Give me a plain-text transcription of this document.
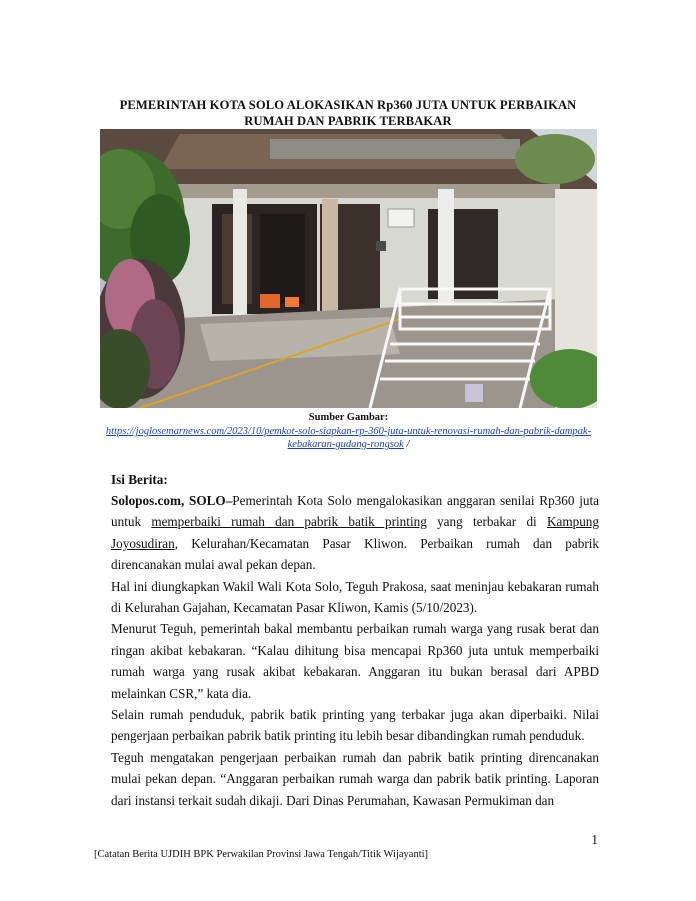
PEMERINTAH KOTA SOLO ALOKASIKAN Rp360 JUTA UNTUK PERBAIKAN
RUMAH DAN PABRIK TERBAKAR
Sumber Gambar:
https://joglosemarnews.com/2023/10/pemkot-solo-siapkan-rp-360-juta-untuk-renovasi-rumah-dan-pabrik-dampak-kebakaran-gudang-rongsok /
Isi Berita:

Solopos.com, SOLO–Pemerintah Kota Solo mengalokasikan anggaran senilai Rp360 juta untuk memperbaiki rumah dan pabrik batik printing yang terbakar di Kampung Joyosudiran, Kelurahan/Kecamatan Pasar Kliwon. Perbaikan rumah dan pabrik direncanakan mulai awal pekan depan.

Hal ini diungkapkan Wakil Wali Kota Solo, Teguh Prakosa, saat meninjau kebakaran rumah di Kelurahan Gajahan, Kecamatan Pasar Kliwon, Kamis (5/10/2023).

Menurut Teguh, pemerintah bakal membantu perbaikan rumah warga yang rusak berat dan ringan akibat kebakaran. “Kalau dihitung bisa mencapai Rp360 juta untuk memperbaiki rumah warga yang rusak akibat kebakaran. Anggaran itu bukan berasal dari APBD melainkan CSR,” kata dia.

Selain rumah penduduk, pabrik batik printing yang terbakar juga akan diperbaiki. Nilai pengerjaan perbaikan pabrik batik printing itu lebih besar dibandingkan rumah penduduk.

Teguh mengatakan pengerjaan perbaikan rumah dan pabrik batik printing direncanakan mulai pekan depan. “Anggaran perbaikan rumah warga dan pabrik batik printing. Laporan dari instansi terkait sudah dikaji. Dari Dinas Perumahan, Kawasan Permukiman dan

1
[Catatan Berita UJDIH BPK Perwakilan Provinsi Jawa Tengah/Titik Wijayanti]
